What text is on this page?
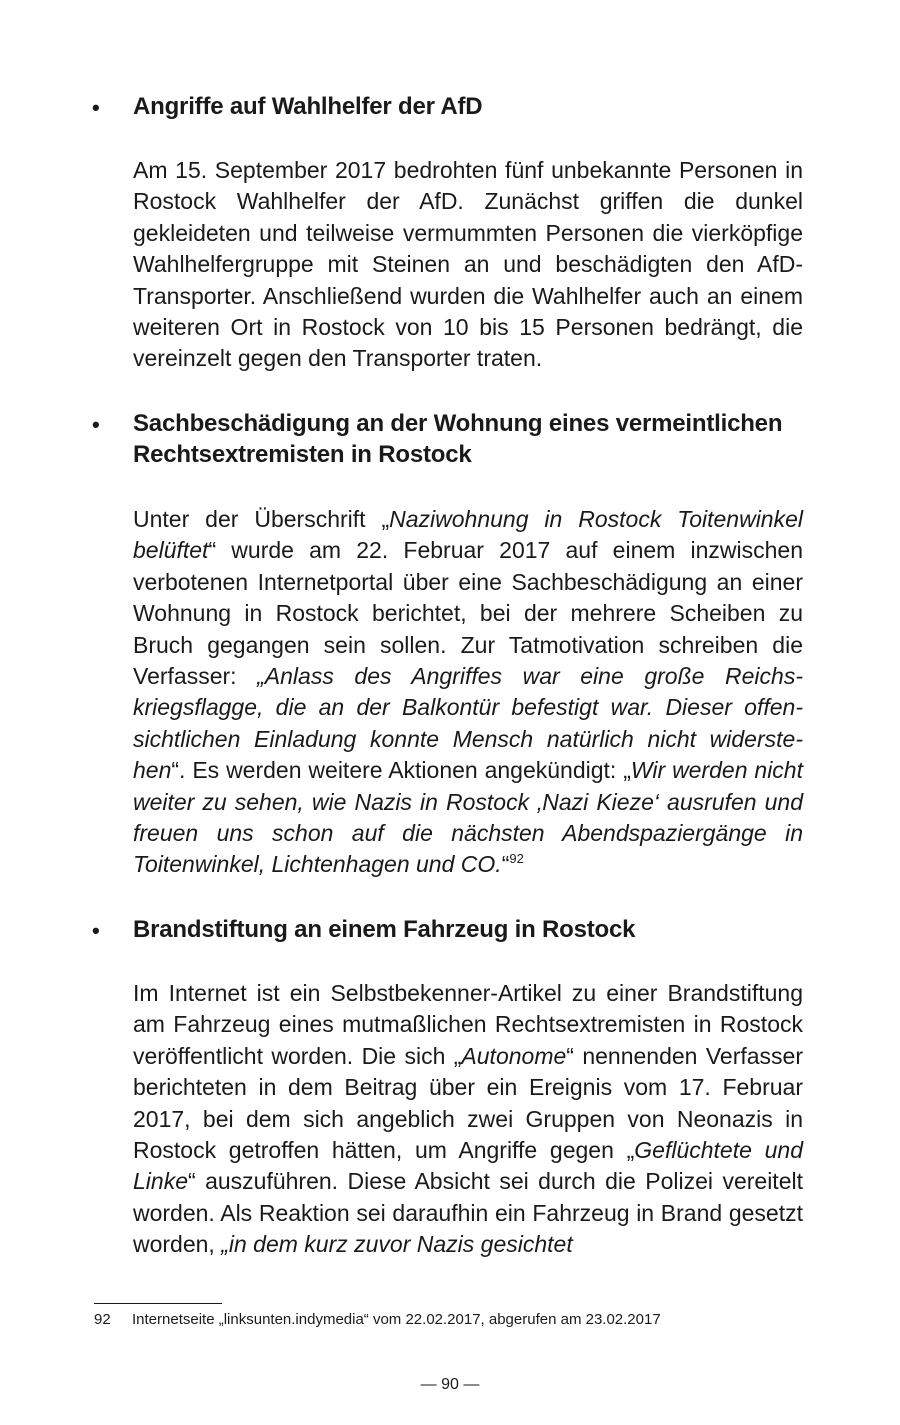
• Angriffe auf Wahlhelfer der AfD
Am 15. September 2017 bedrohten fünf unbekannte Personen in Rostock Wahlhelfer der AfD. Zunächst griffen die dunkel gekleideten und teilweise vermummten Personen die vierköpfige Wahlhelfergruppe mit Steinen an und beschädigten den AfD-Transporter. Anschließend wurden die Wahlhelfer auch an einem weiteren Ort in Rostock von 10 bis 15 Personen bedrängt, die vereinzelt gegen den Transporter traten.
• Sachbeschädigung an der Wohnung eines vermeintlichen Rechtsextremisten in Rostock
Unter der Überschrift „Naziwohnung in Rostock Toitenwinkel belüftet“ wurde am 22. Februar 2017 auf einem inzwischen verbotenen Internetportal über eine Sachbeschädigung an einer Wohnung in Rostock berichtet, bei der mehrere Scheiben zu Bruch gegangen sein sollen. Zur Tatmotivation schreiben die Verfasser: „Anlass des Angriffes war eine große Reichskriegsflagge, die an der Balkontür befestigt war. Dieser offensichtlichen Einladung konnte Mensch natürlich nicht widerstehen“. Es werden weitere Aktionen angekündigt: „Wir werden nicht weiter zu sehen, wie Nazis in Rostock ‚Nazi Kieze‘ ausrufen und freuen uns schon auf die nächsten Abendspaziergänge in Toitenwinkel, Lichtenhagen und CO.“$^{92}$
• Brandstiftung an einem Fahrzeug in Rostock
Im Internet ist ein Selbstbekenner-Artikel zu einer Brandstiftung am Fahrzeug eines mutmaßlichen Rechtsextremisten in Rostock veröffentlicht worden. Die sich „Autonome“ nennenden Verfasser berichteten in dem Beitrag über ein Ereignis vom 17. Februar 2017, bei dem sich angeblich zwei Gruppen von Neonazis in Rostock getroffen hätten, um Angriffe gegen „Geflüchtete und Linke“ auszuführen. Diese Absicht sei durch die Polizei vereitelt worden. Als Reaktion sei daraufhin ein Fahrzeug in Brand gesetzt worden, „in dem kurz zuvor Nazis gesichtet
92 Internetseite „linksunten.indymedia“ vom 22.02.2017, abgerufen am 23.02.2017
— 90 —
